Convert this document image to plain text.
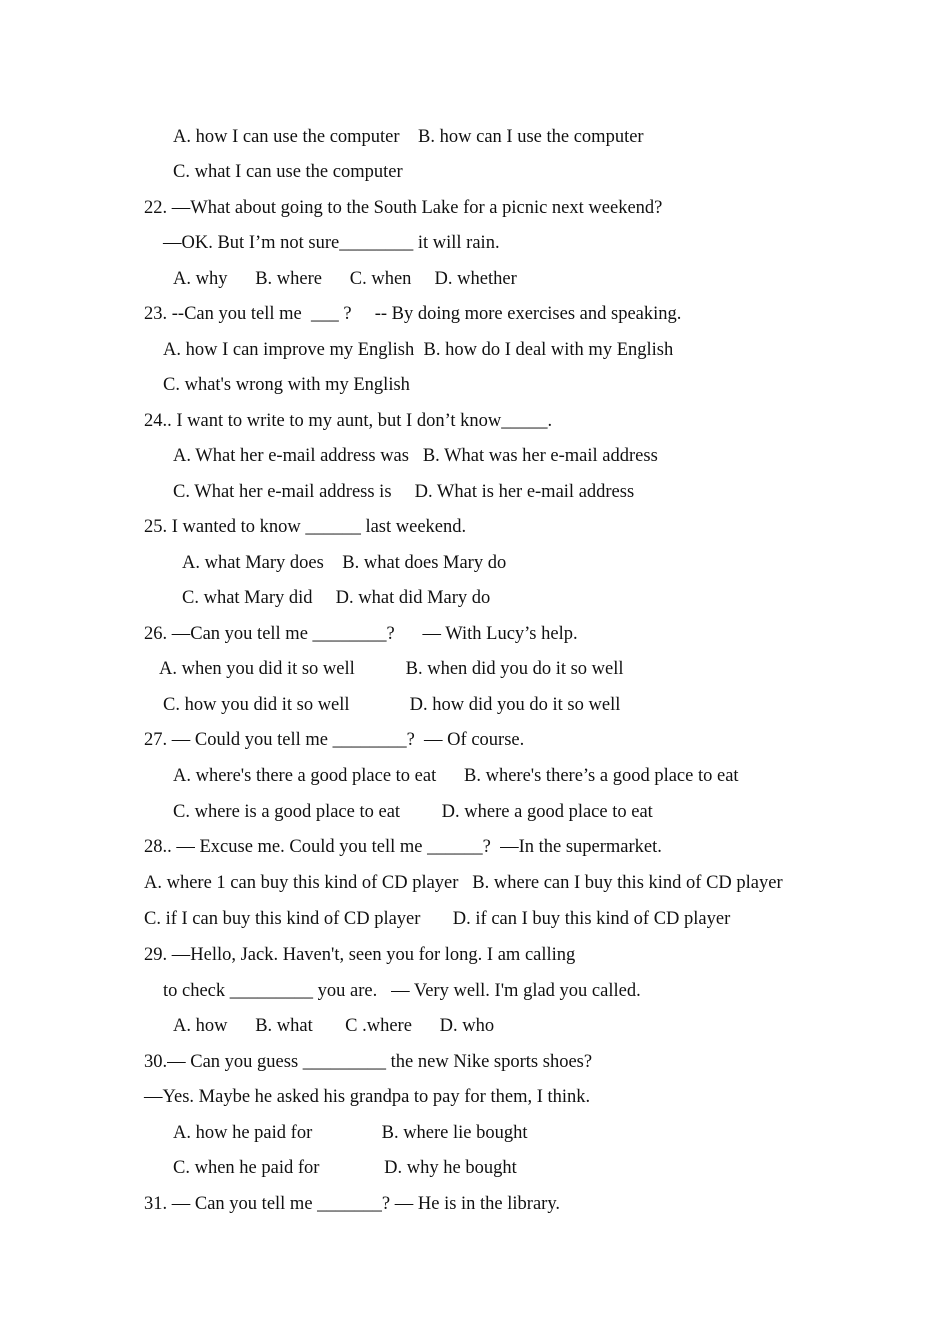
A. how I can use the computer    B. how can I use the computer
C. what I can use the computer
22. —What about going to the South Lake for a picnic next weekend?
—OK. But I’m not sure________ it will rain.
A. why      B. where      C. when     D. whether
23. --Can you tell me  ___ ?     -- By doing more exercises and speaking.
A. how I can improve my English  B. how do I deal with my English
C. what's wrong with my English
24.. I want to write to my aunt, but I don’t know_____.
A. What her e-mail address was   B. What was her e-mail address
C. What her e-mail address is     D. What is her e-mail address
25. I wanted to know ______ last weekend.
A. what Mary does    B. what does Mary do
C. what Mary did     D. what did Mary do
26. —Can you tell me ________?      — With Lucy’s help.
A. when you did it so well           B. when did you do it so well
C. how you did it so well             D. how did you do it so well
27. — Could you tell me ________?  — Of course.
A. where's there a good place to eat      B. where's there’s a good place to eat
C. where is a good place to eat         D. where a good place to eat
28.. — Excuse me. Could you tell me ______?  —In the supermarket.
A. where 1 can buy this kind of CD player   B. where can I buy this kind of CD player
C. if I can buy this kind of CD player       D. if can I buy this kind of CD player
29. —Hello, Jack. Haven't, seen you for long. I am calling
to check _________ you are.   — Very well. I'm glad you called.
A. how      B. what       C .where      D. who
30.— Can you guess _________ the new Nike sports shoes?
—Yes. Maybe he asked his grandpa to pay for them, I think.
A. how he paid for               B. where lie bought
C. when he paid for              D. why he bought
31. — Can you tell me _______? — He is in the library.
